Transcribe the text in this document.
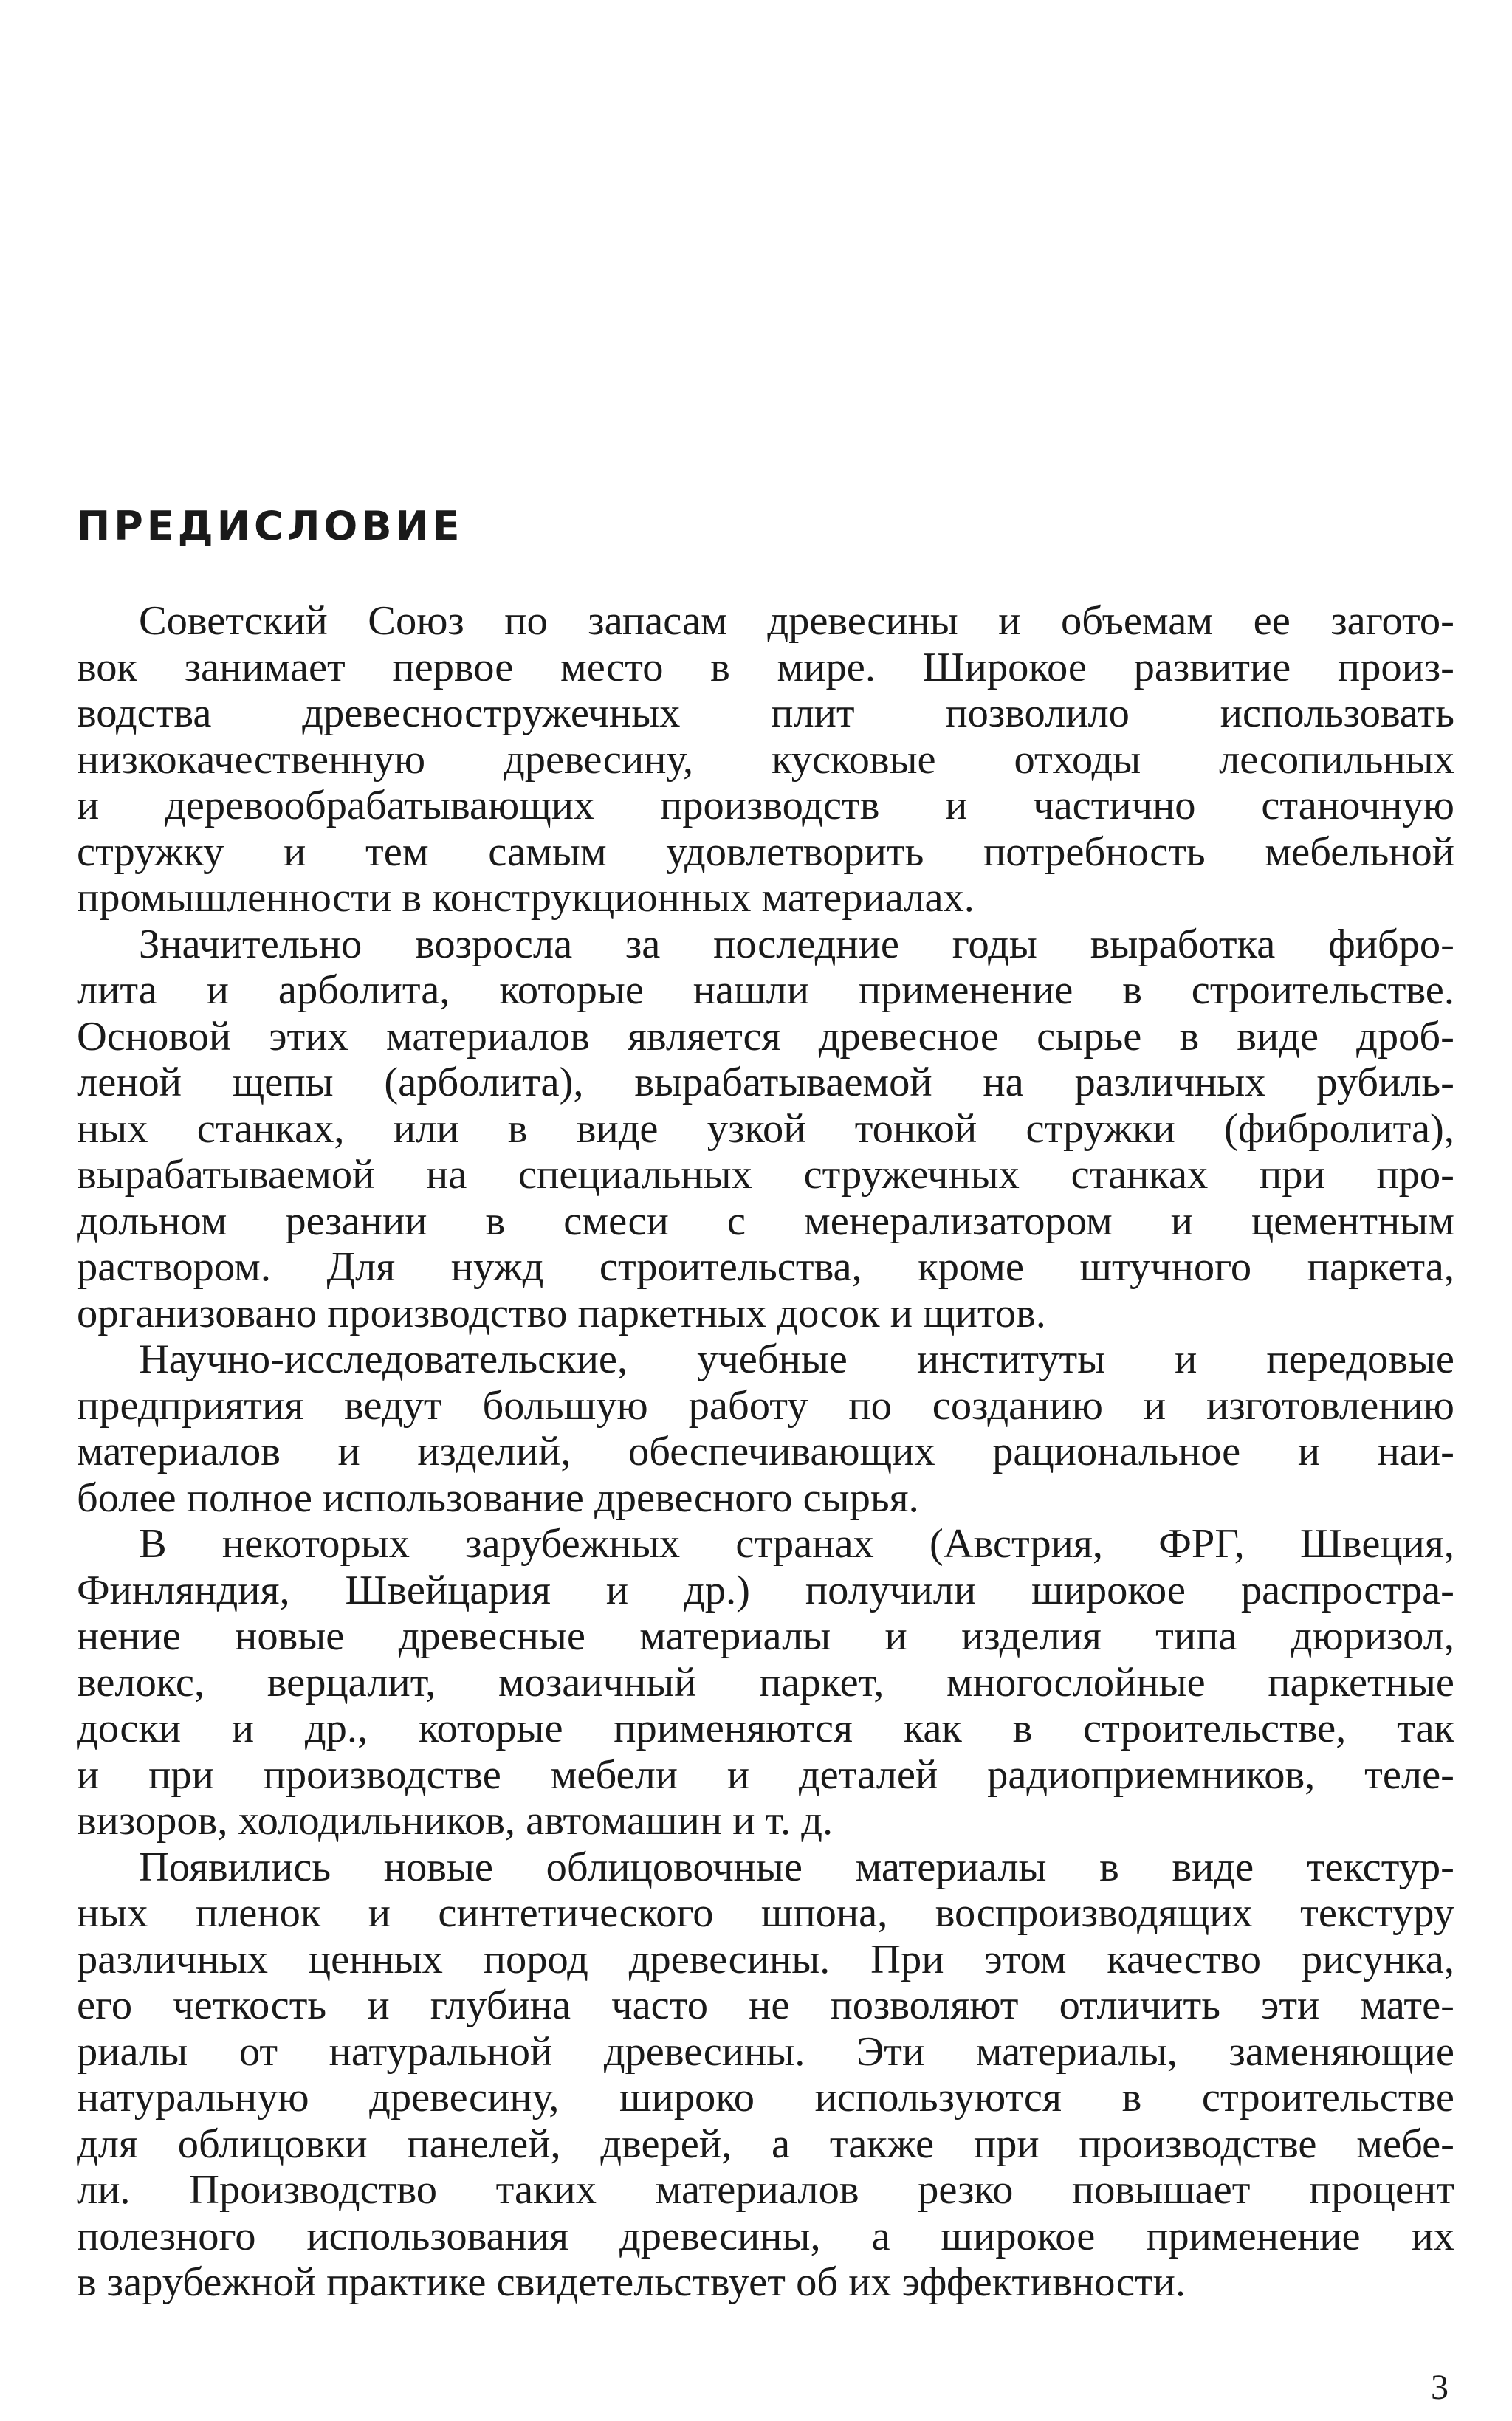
ПРЕДИСЛОВИЕ

Советский Союз по запасам древесины и объемам ее загото-
вок занимает первое место в мире. Широкое развитие произ-
водства древесностружечных плит позволило использовать
низкокачественную древесину, кусковые отходы лесопильных
и деревообрабатывающих производств и частично станочную
стружку и тем самым удовлетворить потребность мебельной
промышленности в конструкционных материалах.

Значительно возросла за последние годы выработка фибро-
лита и арболита, которые нашли применение в строительстве.
Основой этих материалов является древесное сырье в виде дроб-
леной щепы (арболита), вырабатываемой на различных рубиль-
ных станках, или в виде узкой тонкой стружки (фибролита),
вырабатываемой на специальных стружечных станках при про-
дольном резании в смеси с менерализатором и цементным
раствором. Для нужд строительства, кроме штучного паркета,
организовано производство паркетных досок и щитов.

Научно-исследовательские, учебные институты и передовые
предприятия ведут большую работу по созданию и изготовлению
материалов и изделий, обеспечивающих рациональное и наи-
более полное использование древесного сырья.

В некоторых зарубежных странах (Австрия, ФРГ, Швеция,
Финляндия, Швейцария и др.) получили широкое распростра-
нение новые древесные материалы и изделия типа дюризол,
велокс, верцалит, мозаичный паркет, многослойные паркетные
доски и др., которые применяются как в строительстве, так
и при производстве мебели и деталей радиоприемников, теле-
визоров, холодильников, автомашин и т. д.

Появились новые облицовочные материалы в виде текстур-
ных пленок и синтетического шпона, воспроизводящих текстуру
различных ценных пород древесины. При этом качество рисунка,
его четкость и глубина часто не позволяют отличить эти мате-
риалы от натуральной древесины. Эти материалы, заменяющие
натуральную древесину, широко используются в строительстве
для облицовки панелей, дверей, а также при производстве мебе-
ли. Производство таких материалов резко повышает процент
полезного использования древесины, а широкое применение их
в зарубежной практике свидетельствует об их эффективности.

3
